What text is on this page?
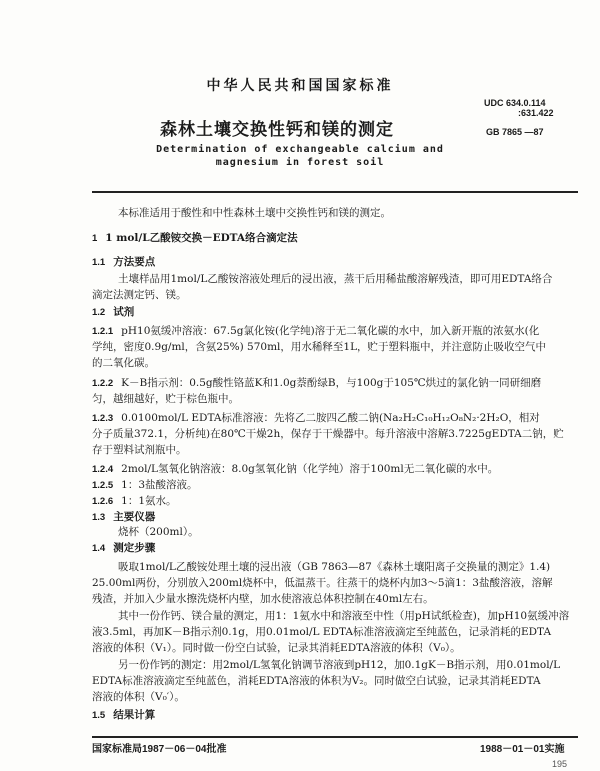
中华人民共和国国家标准
UDC 634.0.114
:631.422
森林土壤交换性钙和镁的测定	GB 7865 —87
Determination of exchangeable calcium and
magnesium in forest soil
本标准适用于酸性和中性森林土壤中交换性钙和镁的测定。
1 1 mol/L乙酸铵交换－EDTA络合滴定法
1.1 方法要点
土壤样品用1mol/L乙酸铵溶液处理后的浸出液，蒸干后用稀盐酸溶解残渣，即可用EDTA络合
滴定法测定钙、镁。
1.2 试剂
1.2.1 pH10氨缓冲溶液：67.5g氯化铵(化学纯)溶于无二氧化碳的水中，加入新开瓶的浓氨水(化
学纯，密度0.9g/ml，含氨25%) 570ml，用水稀释至1L，贮于塑料瓶中，并注意防止吸收空气中
的二氧化碳。
1.2.2 K－B指示剂：0.5g酸性铬蓝K和1.0g萘酚绿B，与100g于105℃烘过的氯化钠一同研细磨
匀，越细越好，贮于棕色瓶中。
1.2.3 0.0100mol/L EDTA标准溶液：先将乙二胺四乙酸二钠(Na₂H₂C₁₀H₁₂O₈N₂·2H₂O，相对
分子质量372.1，分析纯)在80℃干燥2h，保存于干燥器中。每升溶液中溶解3.7225gEDTA二钠，贮
存于塑料试剂瓶中。
1.2.4 2mol/L氢氧化钠溶液：8.0g氢氧化钠（化学纯）溶于100ml无二氧化碳的水中。
1.2.5 1：3盐酸溶液。
1.2.6 1：1氨水。
1.3 主要仪器
烧杯（200ml）。
1.4 测定步骤
吸取1mol/L乙酸铵处理土壤的浸出液（GB 7863—87《森林土壤阳离子交换量的测定》1.4)
25.00ml两份，分别放入200ml烧杯中，低温蒸干。往蒸干的烧杯内加3～5滴1：3盐酸溶液，溶解
残渣，并加入少量水擦洗烧杯内壁，加水使溶液总体积控制在40ml左右。
其中一份作钙、镁合量的测定，用1：1氨水中和溶液至中性（用pH试纸检查)，加pH10氨缓冲溶
液3.5ml，再加K－B指示剂0.1g，用0.01mol/L EDTA标准溶液滴定至纯蓝色，记录消耗的EDTA
溶液的体积（V₁）。同时做一份空白试验，记录其消耗EDTA溶液的体积（V₀）。
另一份作钙的测定：用2mol/L氢氧化钠调节溶液到pH12，加0.1gK－B指示剂，用0.01mol/L
EDTA标准溶液滴定至纯蓝色，消耗EDTA溶液的体积为V₂。同时做空白试验，记录其消耗EDTA
溶液的体积（V₀′）。
1.5 结果计算
国家标准局1987－06－04批准	1988－01－01实施
195
